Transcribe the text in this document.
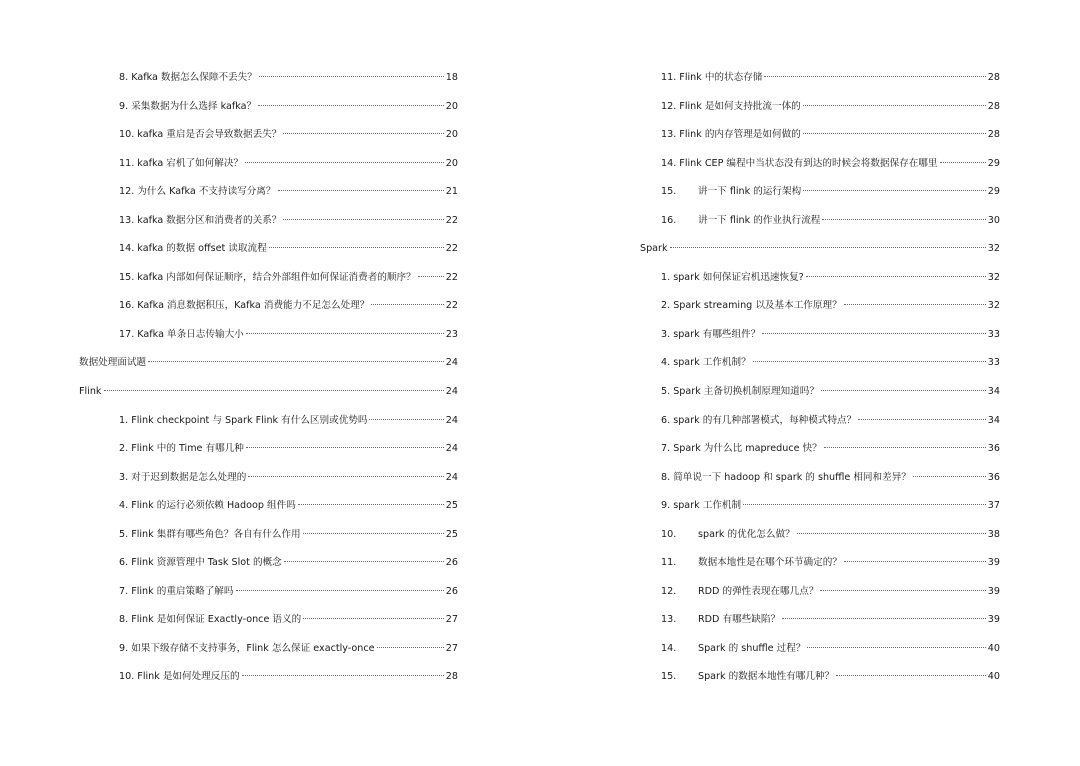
8. Kafka 数据怎么保障不丢失？	18
9. 采集数据为什么选择 kafka？	20
10. kafka 重启是否会导致数据丢失？	20
11. kafka 宕机了如何解决？	20
12. 为什么 Kafka 不支持读写分离？	21
13. kafka 数据分区和消费者的关系？	22
14. kafka 的数据 offset 读取流程	22
15. kafka 内部如何保证顺序，结合外部组件如何保证消费者的顺序？	22
16. Kafka 消息数据积压，Kafka 消费能力不足怎么处理？	22
17. Kafka 单条日志传输大小	23
数据处理面试题	24
Flink	24
1. Flink checkpoint 与 Spark Flink 有什么区别或优势吗	24
2. Flink 中的 Time 有哪几种	24
3. 对于迟到数据是怎么处理的	24
4. Flink 的运行必须依赖 Hadoop 组件吗	25
5. Flink 集群有哪些角色？各自有什么作用	25
6. Flink 资源管理中 Task Slot 的概念	26
7. Flink 的重启策略了解吗	26
8. Flink 是如何保证 Exactly-once 语义的	27
9. 如果下级存储不支持事务，Flink 怎么保证 exactly-once	27
10. Flink 是如何处理反压的	28
11. Flink 中的状态存储	28
12. Flink 是如何支持批流一体的	28
13. Flink 的内存管理是如何做的	28
14. Flink CEP 编程中当状态没有到达的时候会将数据保存在哪里	29
15.	讲一下 flink 的运行架构	29
16.	讲一下 flink 的作业执行流程	30
Spark	32
1. spark 如何保证宕机迅速恢复?	32
2. Spark streaming 以及基本工作原理？	32
3. spark 有哪些组件？	33
4. spark 工作机制？	33
5. Spark 主备切换机制原理知道吗？	34
6. spark 的有几种部署模式，每种模式特点？	34
7. Spark 为什么比 mapreduce 快？	36
8. 简单说一下 hadoop 和 spark 的 shuffle 相同和差异？	36
9. spark 工作机制	37
10.	spark 的优化怎么做？	38
11.	数据本地性是在哪个环节确定的？	39
12.	RDD 的弹性表现在哪几点？	39
13.	RDD 有哪些缺陷？	39
14.	Spark 的 shuffle 过程？	40
15.	Spark 的数据本地性有哪几种？	40
